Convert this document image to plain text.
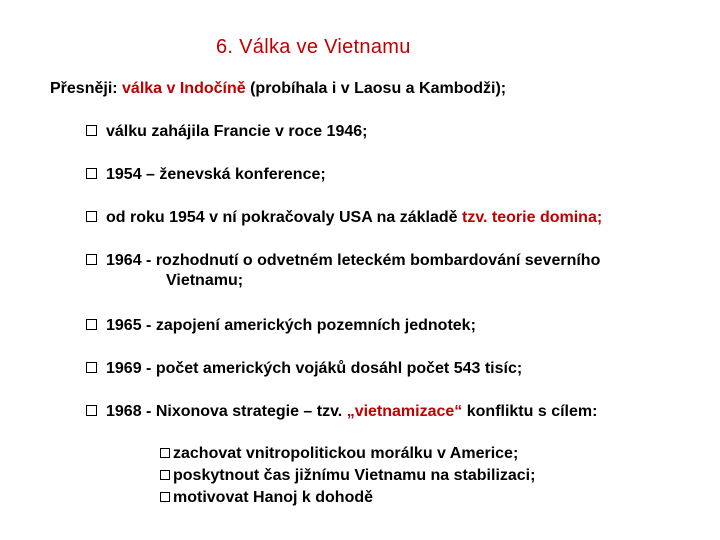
6. Válka ve Vietnamu
Přesněji: válka v Indočíně (probíhala i v Laosu a Kambodži);
válku zahájila Francie v roce 1946;
1954 – ženevská konference;
od roku 1954 v ní pokračovaly USA na základě tzv. teorie domina;
1964 - rozhodnutí o odvetném leteckém bombardování severního
Vietnamu;
1965 - zapojení amerických pozemních jednotek;
1969 - počet amerických vojáků dosáhl počet 543 tisíc;
1968 - Nixonova strategie – tzv. „vietnamizace“ konfliktu s cílem:
zachovat vnitropolitickou morálku v Americe;
poskytnout čas jižnímu Vietnamu na stabilizaci;
motivovat Hanoj k dohodě
